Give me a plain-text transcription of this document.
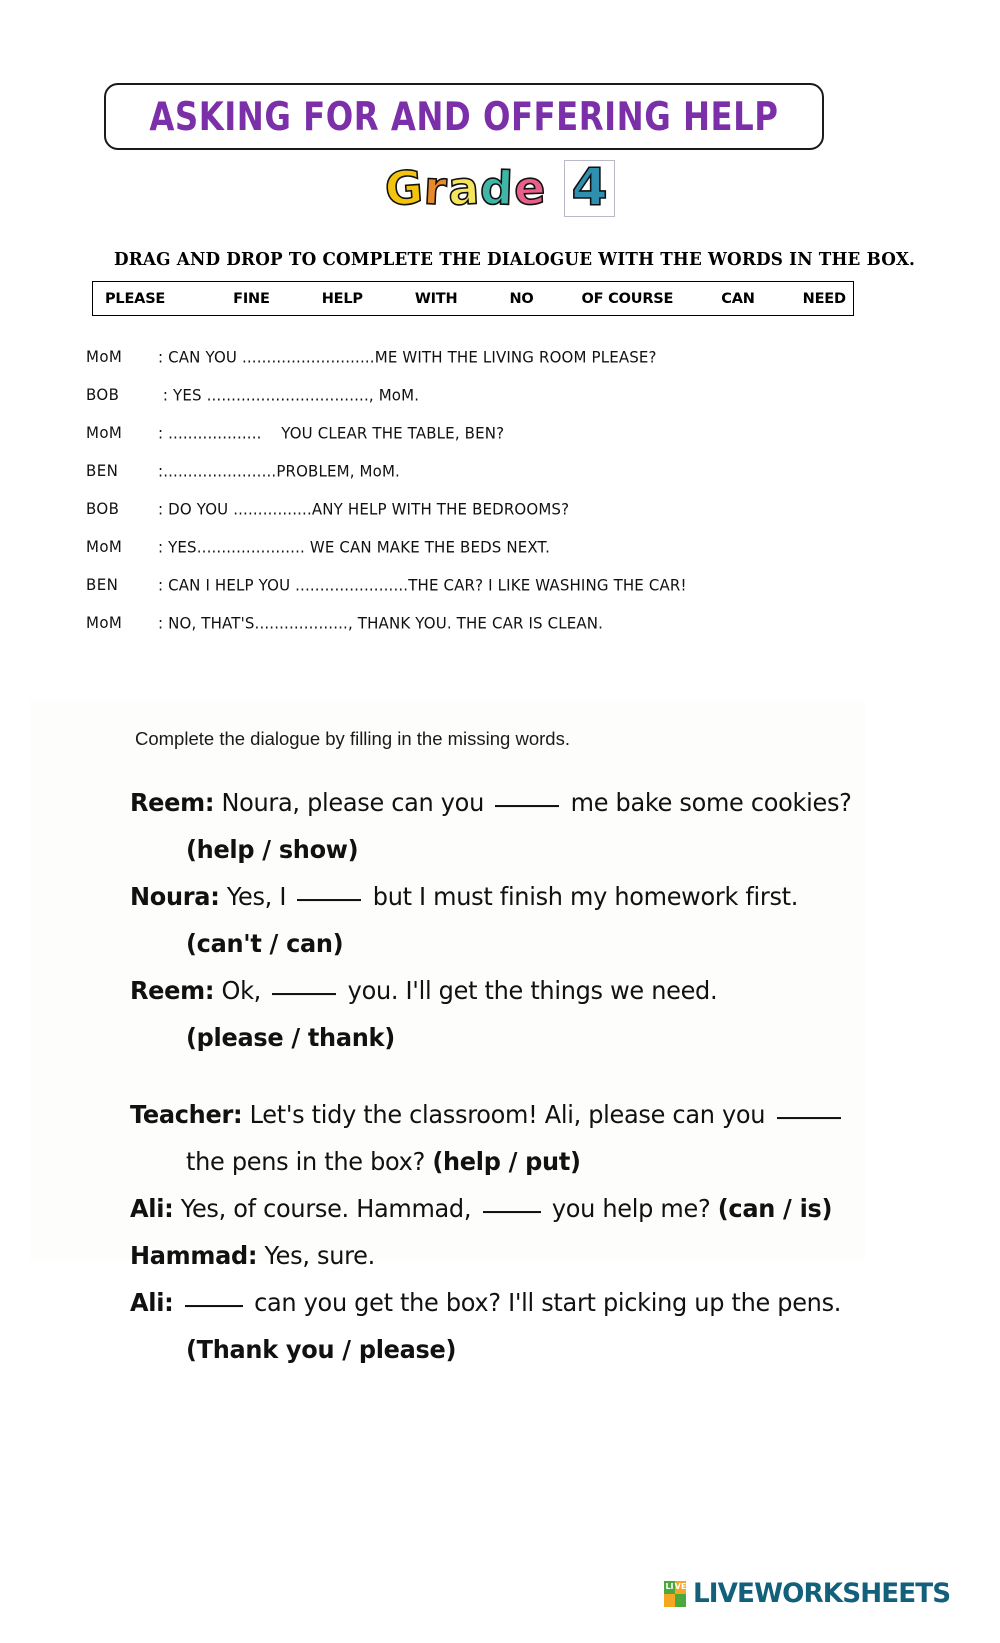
ASKING FOR AND OFFERING HELP
Grade 4
DRAG AND DROP TO COMPLETE THE DIALOGUE WITH THE WORDS IN THE BOX.
PLEASE	FINE	HELP	WITH	NO	OF COURSE	CAN	NEED
MoM	: CAN YOU ...........................ME WITH THE LIVING ROOM PLEASE?
BOB	: YES ................................., MoM.
MoM	: ...................    YOU CLEAR THE TABLE, BEN?
BEN	:.......................PROBLEM, MoM.
BOB	: DO YOU ................ANY HELP WITH THE BEDROOMS?
MoM	: YES...................... WE CAN MAKE THE BEDS NEXT.
BEN	: CAN I HELP YOU .......................THE CAR? I LIKE WASHING THE CAR!
MoM	: NO, THAT'S..................., THANK YOU. THE CAR IS CLEAN.
Complete the dialogue by filling in the missing words.
Reem: Noura, please can you	me bake some cookies?
(help / show)
Noura: Yes, I	but I must finish my homework first.
(can't / can)
Reem: Ok,	you. I'll get the things we need.
(please / thank)
Teacher: Let's tidy the classroom! Ali, please can you
the pens in the box? (help / put)
Ali: Yes, of course. Hammad,	you help me? (can / is)
Hammad: Yes, sure.
Ali:	can you get the box? I'll start picking up the pens.
(Thank you / please)
LI VE LIVEWORKSHEETS
